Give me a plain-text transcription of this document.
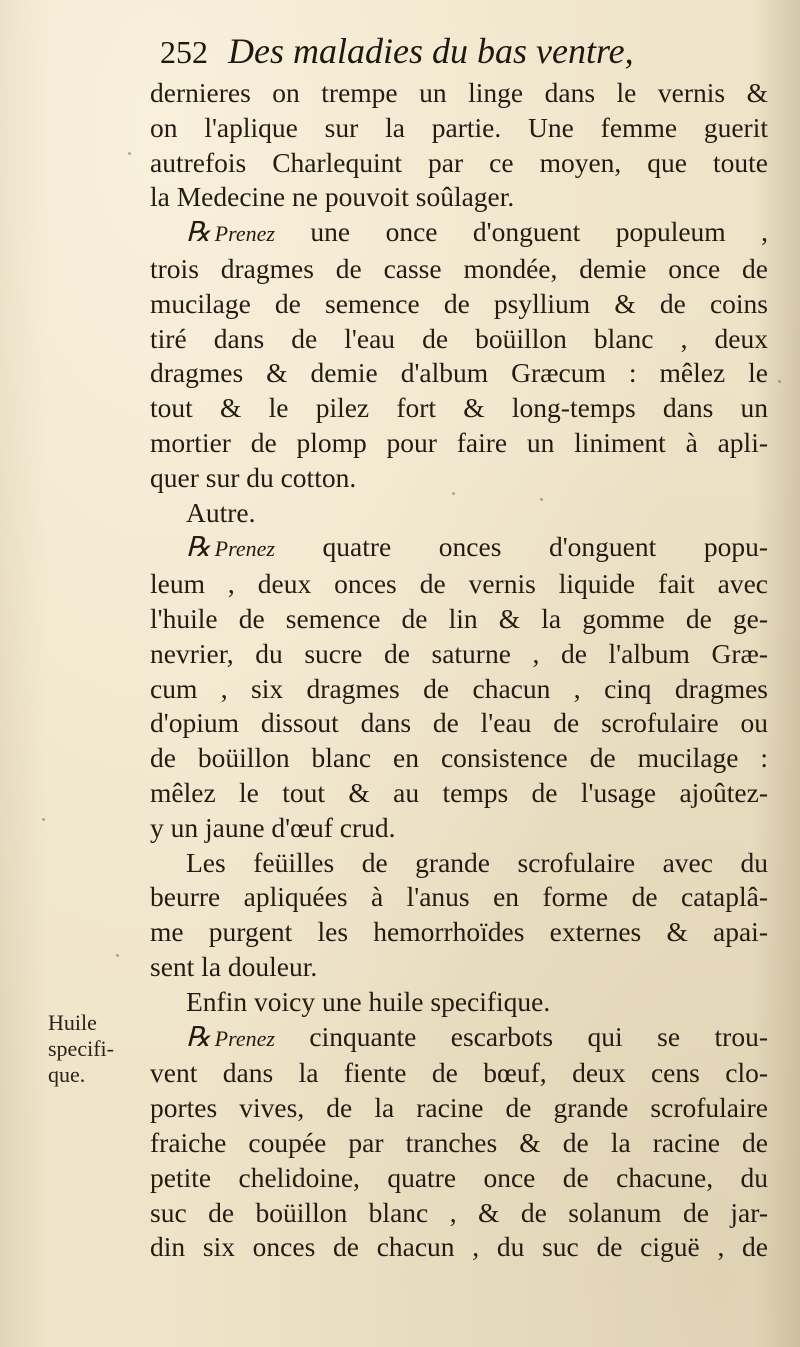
252 Des maladies du bas ventre,
Huile
specifi-
que.
dernieres on trempe un linge dans le vernis &
on l'aplique sur la partie. Une femme guerit
autrefois Charlequint par ce moyen, que toute
la Medecine ne pouvoit soûlager.
℞ Prenez une once d'onguent populeum ,
trois dragmes de casse mondée, demie once de
mucilage de semence de psyllium & de coins
tiré dans de l'eau de boüillon blanc , deux
dragmes & demie d'album Græcum : mêlez le
tout & le pilez fort & long-temps dans un
mortier de plomp pour faire un liniment à apli-
quer sur du cotton.
Autre.
℞ Prenez quatre onces d'onguent popu-
leum , deux onces de vernis liquide fait avec
l'huile de semence de lin & la gomme de ge-
nevrier, du sucre de saturne , de l'album Græ-
cum , six dragmes de chacun , cinq dragmes
d'opium dissout dans de l'eau de scrofulaire ou
de boüillon blanc en consistence de mucilage :
mêlez le tout & au temps de l'usage ajoûtez-
y un jaune d'œuf crud.
Les feüilles de grande scrofulaire avec du
beurre apliquées à l'anus en forme de cataplâ-
me purgent les hemorrhoïdes externes & apai-
sent la douleur.
Enfin voicy une huile specifique.
℞ Prenez cinquante escarbots qui se trou-
vent dans la fiente de bœuf, deux cens clo-
portes vives, de la racine de grande scrofulaire
fraiche coupée par tranches & de la racine de
petite chelidoine, quatre once de chacune, du
suc de boüillon blanc , & de solanum de jar-
din six onces de chacun , du suc de ciguë , de
